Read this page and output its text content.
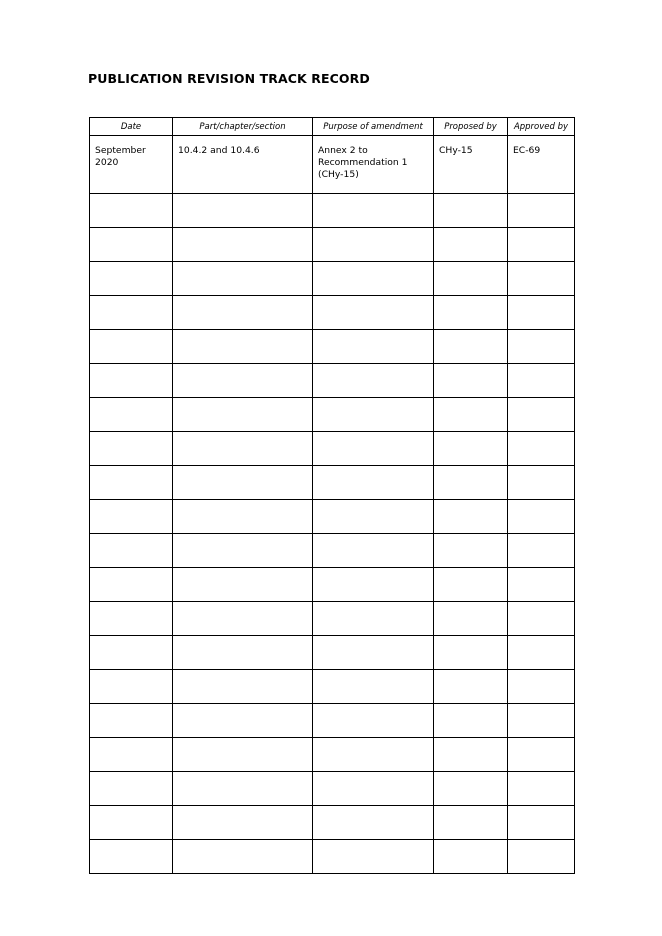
PUBLICATION REVISION TRACK RECORD
Date	Part/chapter/section	Purpose of amendment	Proposed by	Approved by

September 2020	10.4.2 and 10.4.6	Annex 2 to Recommendation 1 (CHy-15)	CHy-15	EC-69
